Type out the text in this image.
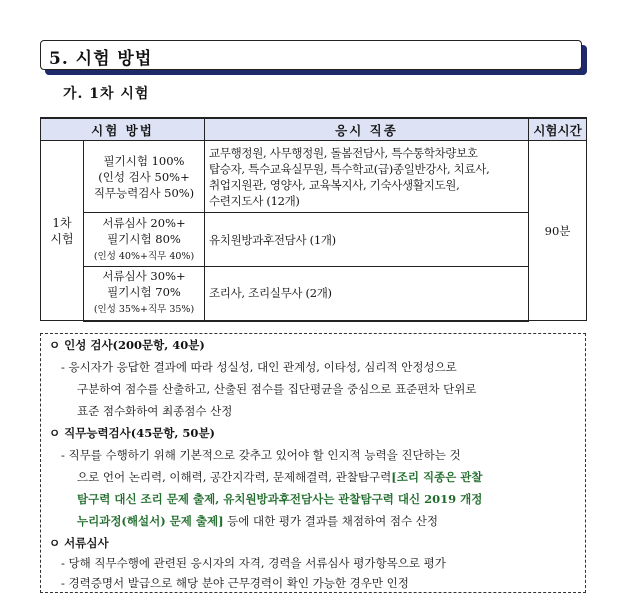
5. 시험 방법
가. 1차 시험
시험 방법		응시 직종	시험시간
1차
시험	필기시험 100%
(인성 검사 50%+
직무능력검사 50%)	교무행정원, 사무행정원, 돌봄전담사, 특수통학차량보호
탑승자, 특수교육실무원, 특수학교(급)종일반강사, 치료사,
취업지원관, 영양사, 교육복지사, 기숙사생활지도원,
수련지도사 (12개)	90분
	서류심사 20%+
필기시험 80%
(인성 40%+직무 40%)	유치원방과후전담사 (1개)	
	서류심사 30%+
필기시험 70%
(인성 35%+직무 35%)	조리사, 조리실무사 (2개)	
ㅇ 인성 검사(200문항, 40분)
- 응시자가 응답한 결과에 따라 성실성, 대인 관계성, 이타성, 심리적 안정성으로
구분하여 점수를 산출하고, 산출된 점수를 집단평균을 중심으로 표준편차 단위로
표준 점수화하여 최종점수 산정
ㅇ 직무능력검사(45문항, 50분)
- 직무를 수행하기 위해 기본적으로 갖추고 있어야 할 인지적 능력을 진단하는 것
으로 언어 논리력, 이해력, 공간지각력, 문제해결력, 관찰탐구력[조리 직종은 관찰
탐구력 대신 조리 문제 출제, 유치원방과후전담사는 관찰탐구력 대신 2019 개정
누리과정(해설서) 문제 출제] 등에 대한 평가 결과를 채점하여 점수 산정
ㅇ 서류심사
- 당해 직무수행에 관련된 응시자의 자격, 경력을 서류심사 평가항목으로 평가
- 경력증명서 발급으로 해당 분야 근무경력이 확인 가능한 경우만 인정
